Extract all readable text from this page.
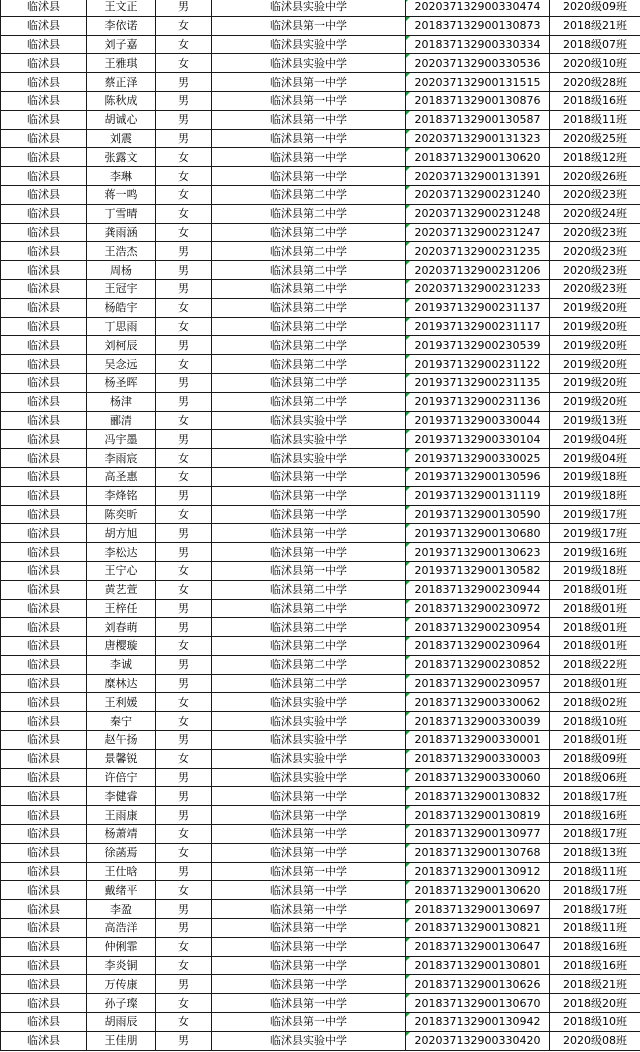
临沭县	王文正	男	临沭县实验中学	202037132900330474	2020级09班
临沭县	李依诺	女	临沭县第一中学	201837132900130873	2018级21班
临沭县	刘子嘉	女	临沭县实验中学	201837132900330334	2018级07班
临沭县	王雅琪	女	临沭县实验中学	202037132900330536	2020级10班
临沭县	蔡正泽	男	临沭县第一中学	202037132900131515	2020级28班
临沭县	陈秋成	男	临沭县第一中学	201837132900130876	2018级16班
临沭县	胡诚心	男	临沭县第一中学	201837132900130587	2018级11班
临沭县	刘震	男	临沭县第一中学	202037132900131323	2020级25班
临沭县	张露文	女	临沭县第一中学	201837132900130620	2018级12班
临沭县	李琳	女	临沭县第一中学	202037132900131391	2020级26班
临沭县	蒋一鸣	女	临沭县第二中学	202037132900231240	2020级23班
临沭县	丁雪晴	女	临沭县第二中学	202037132900231248	2020级24班
临沭县	龚雨涵	女	临沭县第二中学	202037132900231247	2020级23班
临沭县	王浩杰	男	临沭县第二中学	202037132900231235	2020级23班
临沭县	周杨	男	临沭县第二中学	202037132900231206	2020级23班
临沭县	王冠宇	男	临沭县第二中学	202037132900231233	2020级23班
临沭县	杨皓宇	女	临沭县第二中学	201937132900231137	2019级20班
临沭县	丁思雨	女	临沭县第二中学	201937132900231117	2019级20班
临沭县	刘柯辰	男	临沭县第二中学	201937132900230539	2019级20班
临沭县	吴念远	女	临沭县第二中学	201937132900231122	2019级20班
临沭县	杨圣晖	男	临沭县第二中学	201937132900231135	2019级20班
临沭县	杨津	男	临沭县第二中学	201937132900231136	2019级20班
临沭县	郦清	女	临沭县实验中学	201937132900330044	2019级13班
临沭县	冯宇墨	男	临沭县实验中学	201937132900330104	2019级04班
临沭县	李雨宸	女	临沭县实验中学	201937132900330025	2019级04班
临沭县	高圣惠	女	临沭县第一中学	201937132900130596	2019级18班
临沭县	李烽铭	男	临沭县第一中学	201937132900131119	2019级18班
临沭县	陈奕昕	女	临沭县第一中学	201937132900130590	2019级17班
临沭县	胡方旭	男	临沭县第一中学	201937132900130680	2019级17班
临沭县	李松达	男	临沭县第一中学	201937132900130623	2019级16班
临沭县	王宁心	女	临沭县第一中学	201937132900130582	2019级18班
临沭县	黄艺萱	女	临沭县第二中学	201837132900230944	2018级01班
临沭县	王梓任	男	临沭县第二中学	201837132900230972	2018级01班
临沭县	刘春萌	男	临沭县第二中学	201837132900230954	2018级01班
临沭县	唐樱璇	女	临沭县第二中学	201837132900230964	2018级01班
临沭县	李诚	男	临沭县第二中学	201837132900230852	2018级22班
临沭县	糜林达	男	临沭县第二中学	201837132900230957	2018级01班
临沭县	王利媛	女	临沭县实验中学	201837132900330062	2018级02班
临沭县	秦宁	女	临沭县实验中学	201837132900330039	2018级10班
临沭县	赵午扬	男	临沭县实验中学	201837132900330001	2018级01班
临沭县	景馨锐	女	临沭县实验中学	201837132900330003	2018级09班
临沭县	许倍宁	男	临沭县实验中学	201837132900330060	2018级06班
临沭县	李健睿	男	临沭县第一中学	201837132900130832	2018级17班
临沭县	王雨康	男	临沭县第一中学	201837132900130819	2018级16班
临沭县	杨萧靖	女	临沭县第一中学	201837132900130977	2018级17班
临沭县	徐菡焉	女	临沭县第一中学	201837132900130768	2018级13班
临沭县	王仕晗	男	临沭县第一中学	201837132900130912	2018级11班
临沭县	戴绪平	女	临沭县第一中学	201837132900130620	2018级17班
临沭县	李盈	男	临沭县第一中学	201837132900130697	2018级17班
临沭县	高浩洋	男	临沭县第一中学	201837132900130821	2018级11班
临沭县	仲俐霏	女	临沭县第一中学	201837132900130647	2018级16班
临沭县	李炎铜	女	临沭县第一中学	201837132900130801	2018级16班
临沭县	万传康	男	临沭县第一中学	201837132900130626	2018级21班
临沭县	孙子璨	女	临沭县第一中学	201837132900130670	2018级20班
临沭县	胡雨辰	女	临沭县第一中学	201837132900130942	2018级10班
临沭县	王佳朋	男	临沭县实验中学	202037132900330420	2020级08班
